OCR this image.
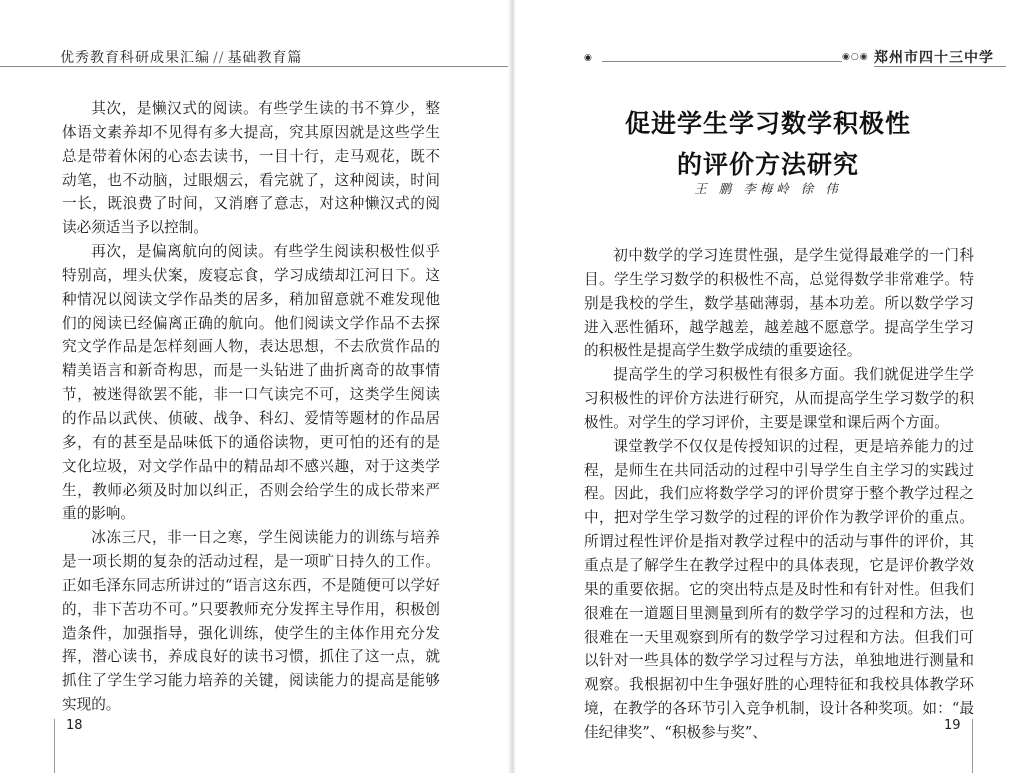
优秀教育科研成果汇编 // 基础教育篇

其次，是懒汉式的阅读。有些学生读的书不算少，整体语文素养却不见得有多大提高，究其原因就是这些学生总是带着休闲的心态去读书，一目十行，走马观花，既不动笔，也不动脑，过眼烟云，看完就了，这种阅读，时间一长，既浪费了时间，又消磨了意志，对这种懒汉式的阅读必须适当予以控制。

再次，是偏离航向的阅读。有些学生阅读积极性似乎特别高，埋头伏案，废寝忘食，学习成绩却江河日下。这种情况以阅读文学作品类的居多，稍加留意就不难发现他们的阅读已经偏离正确的航向。他们阅读文学作品不去探究文学作品是怎样刻画人物，表达思想，不去欣赏作品的精美语言和新奇构思，而是一头钻进了曲折离奇的故事情节，被迷得欲罢不能，非一口气读完不可，这类学生阅读的作品以武侠、侦破、战争、科幻、爱情等题材的作品居多，有的甚至是品味低下的通俗读物，更可怕的还有的是文化垃圾，对文学作品中的精品却不感兴趣，对于这类学生，教师必须及时加以纠正，否则会给学生的成长带来严重的影响。

冰冻三尺，非一日之寒，学生阅读能力的训练与培养是一项长期的复杂的活动过程，是一项旷日持久的工作。正如毛泽东同志所讲过的“语言这东西，不是随便可以学好的，非下苦功不可。”只要教师充分发挥主导作用，积极创造条件，加强指导，强化训练，使学生的主体作用充分发挥，潜心读书，养成良好的读书习惯，抓住了这一点，就抓住了学生学习能力培养的关键，阅读能力的提高是能够实现的。

18
◉	◉○◉ 郑州市四十三中学
促进学生学习数学积极性
的评价方法研究
王 鹏 李梅岭 徐 伟
19

初中数学的学习连贯性强，是学生觉得最难学的一门科目。学生学习数学的积极性不高，总觉得数学非常难学。特别是我校的学生，数学基础薄弱，基本功差。所以数学学习进入恶性循环，越学越差，越差越不愿意学。提高学生学习的积极性是提高学生数学成绩的重要途径。

提高学生的学习积极性有很多方面。我们就促进学生学习积极性的评价方法进行研究，从而提高学生学习数学的积极性。对学生的学习评价，主要是课堂和课后两个方面。

课堂教学不仅仅是传授知识的过程，更是培养能力的过程，是师生在共同活动的过程中引导学生自主学习的实践过程。因此，我们应将数学学习的评价贯穿于整个教学过程之中，把对学生学习数学的过程的评价作为教学评价的重点。所谓过程性评价是指对教学过程中的活动与事件的评价，其重点是了解学生在教学过程中的具体表现，它是评价教学效果的重要依据。它的突出特点是及时性和有针对性。但我们很难在一道题目里测量到所有的数学学习的过程和方法，也很难在一天里观察到所有的数学学习过程和方法。但我们可以针对一些具体的数学学习过程与方法，单独地进行测量和观察。我根据初中生争强好胜的心理特征和我校具体教学环境，在教学的各环节引入竞争机制，设计各种奖项。如：“最佳纪律奖”、“积极参与奖”、
